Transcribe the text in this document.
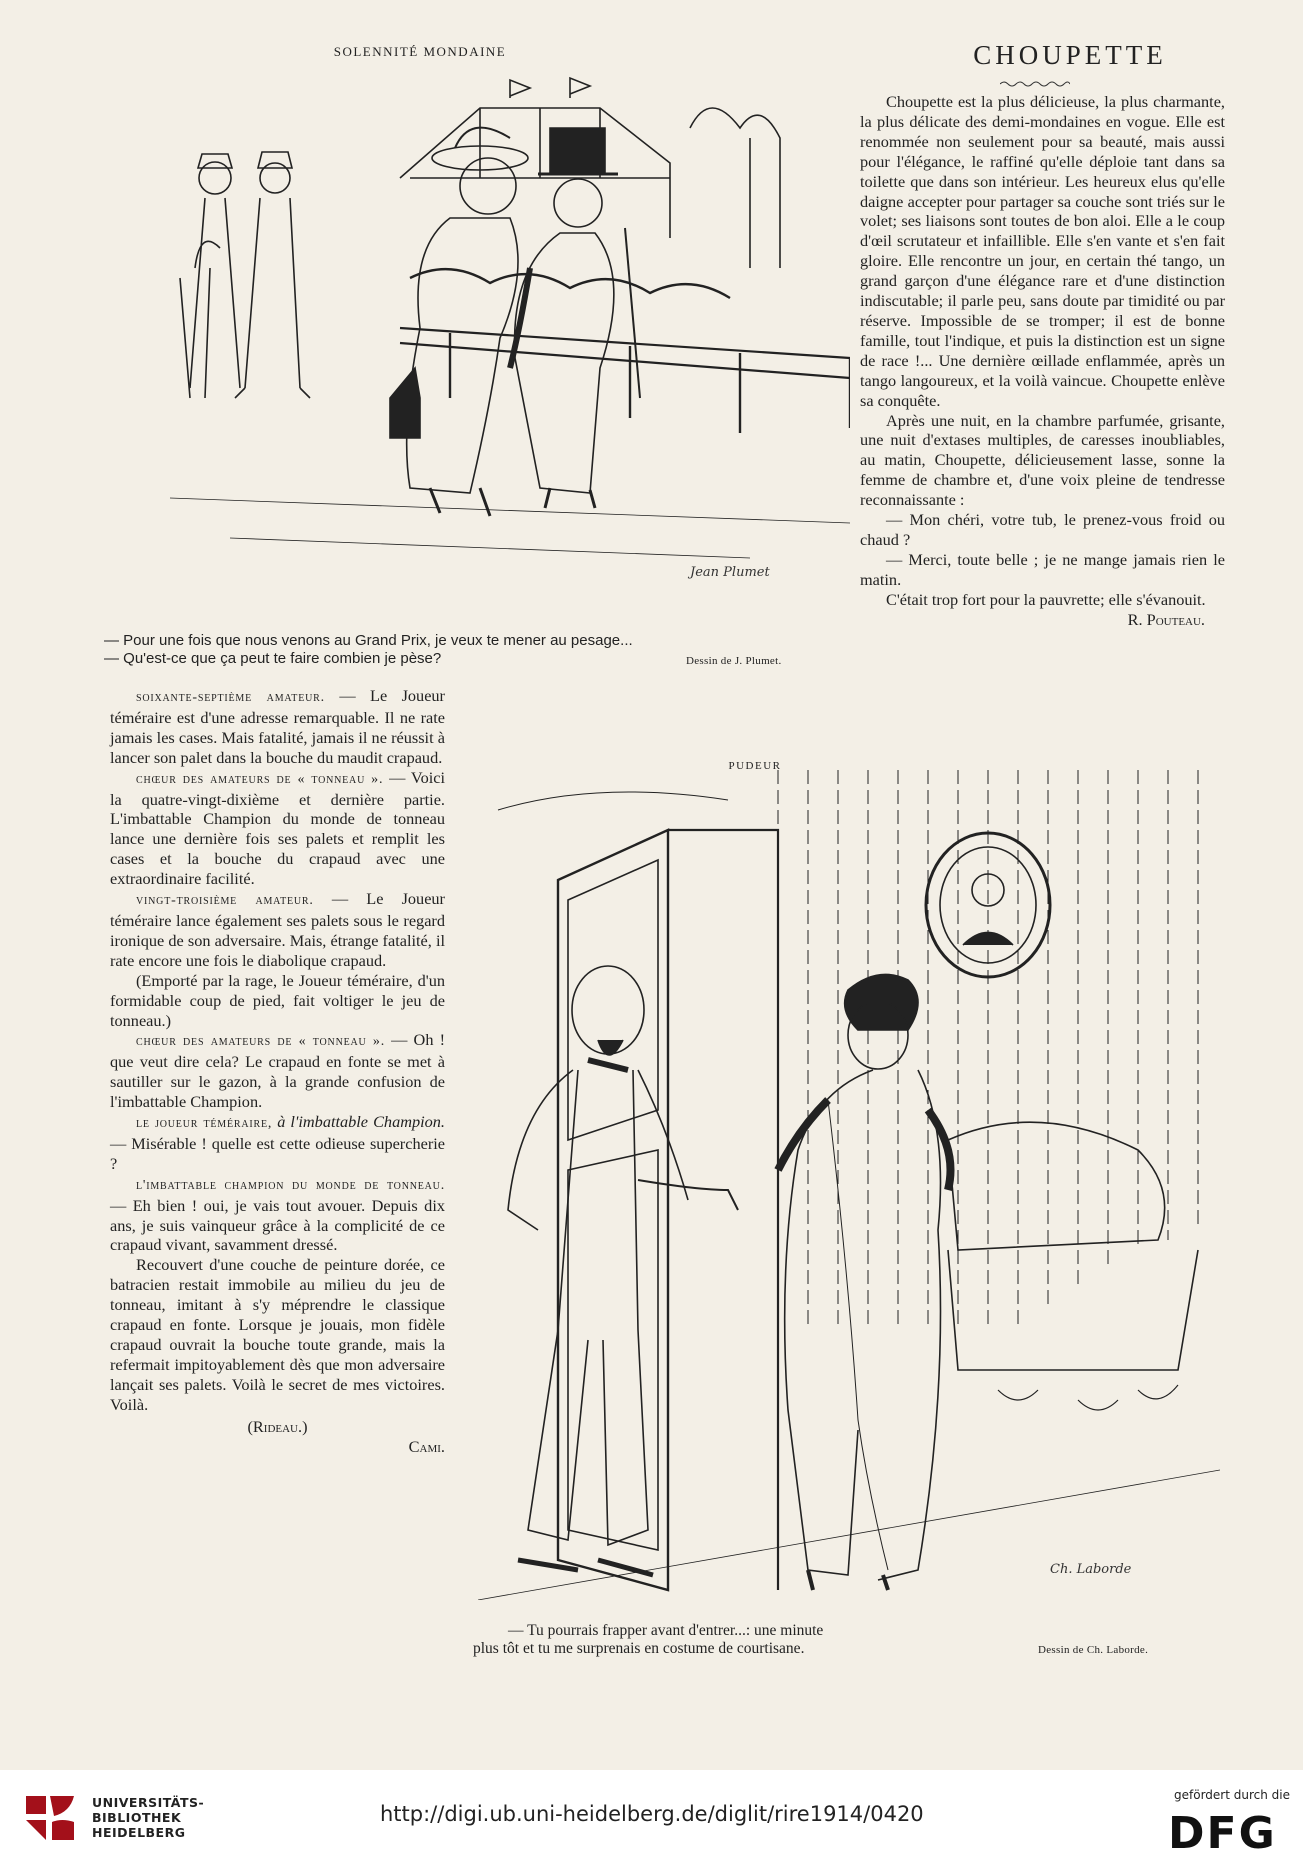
SOLENNITÉ MONDAINE	CHOUPETTE
Jean Plumet
— Pour une fois que nous venons au Grand Prix, je veux te mener au pesage...
— Qu'est-ce que ça peut te faire combien je pèse?	Dessin de J. Plumet.

Choupette est la plus délicieuse, la plus charmante, la plus délicate des demi-mondaines en vogue. Elle est renommée non seulement pour sa beauté, mais aussi pour l'élégance, le raffiné qu'elle déploie tant dans sa toilette que dans son intérieur. Les heureux elus qu'elle daigne accepter pour partager sa couche sont triés sur le volet; ses liaisons sont toutes de bon aloi. Elle a le coup d'œil scrutateur et infaillible. Elle s'en vante et s'en fait gloire. Elle rencontre un jour, en certain thé tango, un grand garçon d'une élégance rare et d'une distinction indiscutable; il parle peu, sans doute par timidité ou par réserve. Impossible de se tromper; il est de bonne famille, tout l'indique, et puis la distinction est un signe de race !... Une dernière œillade enflammée, après un tango langoureux, et la voilà vaincue. Choupette enlève sa conquête.

Après une nuit, en la chambre parfumée, grisante, une nuit d'extases multiples, de caresses inoubliables, au matin, Choupette, délicieusement lasse, sonne la femme de chambre et, d'une voix pleine de tendresse reconnaissante :

— Mon chéri, votre tub, le prenez-vous froid ou chaud ?

— Merci, toute belle ; je ne mange jamais rien le matin.

C'était trop fort pour la pauvrette; elle s'évanouit.

R. Pouteau.

soixante-septième amateur. — Le Joueur téméraire est d'une adresse remarquable. Il ne rate jamais les cases. Mais fatalité, jamais il ne réussit à lancer son palet dans la bouche du maudit crapaud.

chœur des amateurs de « tonneau ». — Voici la quatre-vingt-dixième et dernière partie. L'imbattable Champion du monde de tonneau lance une dernière fois ses palets et remplit les cases et la bouche du crapaud avec une extraordinaire facilité.

vingt-troisième amateur. — Le Joueur téméraire lance également ses palets sous le regard ironique de son adversaire. Mais, étrange fatalité, il rate encore une fois le diabolique crapaud.

(Emporté par la rage, le Joueur téméraire, d'un formidable coup de pied, fait voltiger le jeu de tonneau.)

chœur des amateurs de « tonneau ». — Oh ! que veut dire cela? Le crapaud en fonte se met à sautiller sur le gazon, à la grande confusion de l'imbattable Champion.

le joueur téméraire, à l'imbattable Champion. — Misérable ! quelle est cette odieuse supercherie ?

l'imbattable champion du monde de tonneau. — Eh bien ! oui, je vais tout avouer. Depuis dix ans, je suis vainqueur grâce à la complicité de ce crapaud vivant, savamment dressé.

Recouvert d'une couche de peinture dorée, ce batracien restait immobile au milieu du jeu de tonneau, imitant à s'y méprendre le classique crapaud en fonte. Lorsque je jouais, mon fidèle crapaud ouvrait la bouche toute grande, mais la refermait impitoyablement dès que mon adversaire lançait ses palets. Voilà le secret de mes victoires. Voilà.

(Rideau.)

Cami.

PUDEUR
Ch. Laborde
— Tu pourrais frapper avant d'entrer...: une minute
plus tôt et tu me surprenais en costume de courtisane.	Dessin de Ch. Laborde.
UNIVERSITÄTS-
BIBLIOTHEK
HEIDELBERG
http://digi.ub.uni-heidelberg.de/diglit/rire1914/0420
gefördert durch die
DFG
